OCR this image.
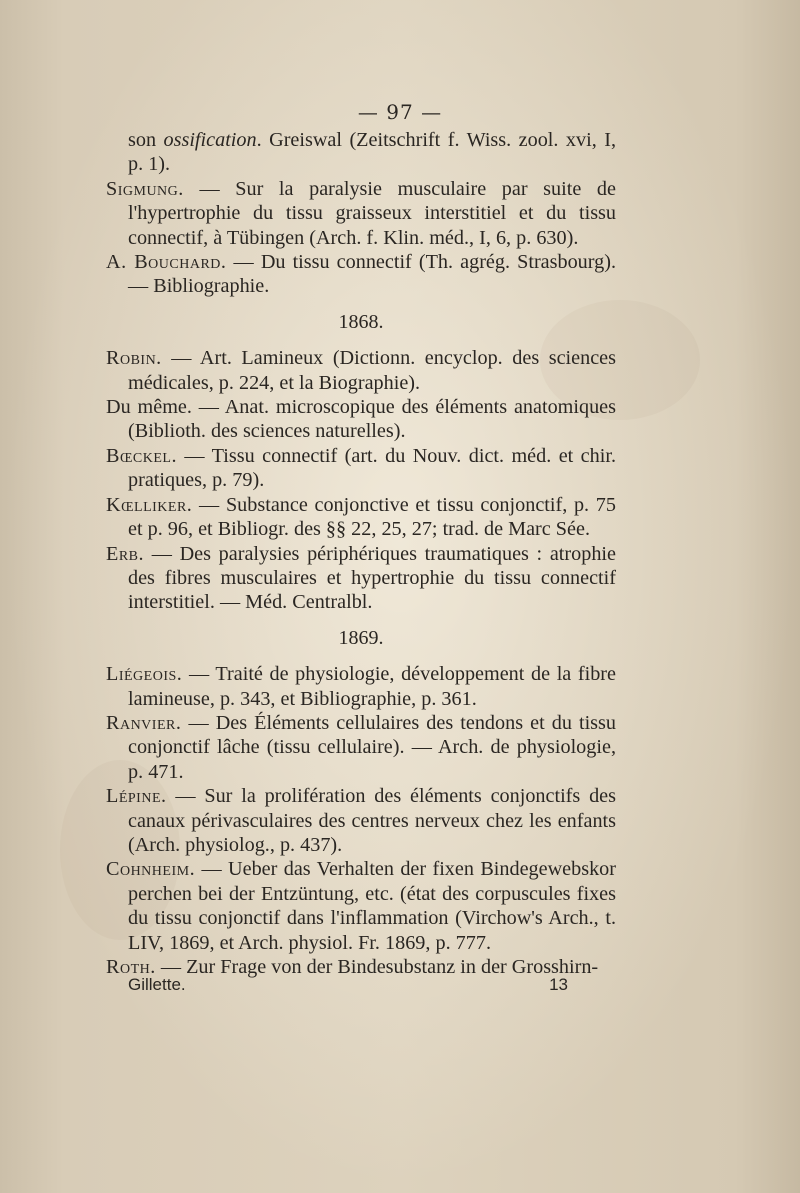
— 97 —

son ossification. Greiswal (Zeitschrift f. Wiss. zool. xvi, I, p. 1).

Sigmung. — Sur la paralysie musculaire par suite de l'hypertrophie du tissu graisseux interstitiel et du tissu connectif, à Tübingen (Arch. f. Klin. méd., I, 6, p. 630).

A. Bouchard. — Du tissu connectif (Th. agrég. Strasbourg). — Bibliographie.

1868.

Robin. — Art. Lamineux (Dictionn. encyclop. des sciences médicales, p. 224, et la Biographie).

Du même. — Anat. microscopique des éléments anatomiques (Biblioth. des sciences naturelles).

Bœckel. — Tissu connectif (art. du Nouv. dict. méd. et chir. pratiques, p. 79).

Kœlliker. — Substance conjonctive et tissu conjonctif, p. 75 et p. 96, et Bibliogr. des §§ 22, 25, 27; trad. de Marc Sée.

Erb. — Des paralysies périphériques traumatiques : atrophie des fibres musculaires et hypertrophie du tissu connectif interstitiel. — Méd. Centralbl.

1869.

Liégeois. — Traité de physiologie, développement de la fibre lamineuse, p. 343, et Bibliographie, p. 361.

Ranvier. — Des Éléments cellulaires des tendons et du tissu conjonctif lâche (tissu cellulaire). — Arch. de physiologie, p. 471.

Lépine. — Sur la prolifération des éléments conjonctifs des canaux périvasculaires des centres nerveux chez les enfants (Arch. physiolog., p. 437).

Cohnheim. — Ueber das Verhalten der fixen Bindegewebskor perchen bei der Entzüntung, etc. (état des corpuscules fixes du tissu conjonctif dans l'inflammation (Virchow's Arch., t. LIV, 1869, et Arch. physiol. Fr. 1869, p. 777.

Roth. — Zur Frage von der Bindesubstanz in der Grosshirn-

Gillette.	13
